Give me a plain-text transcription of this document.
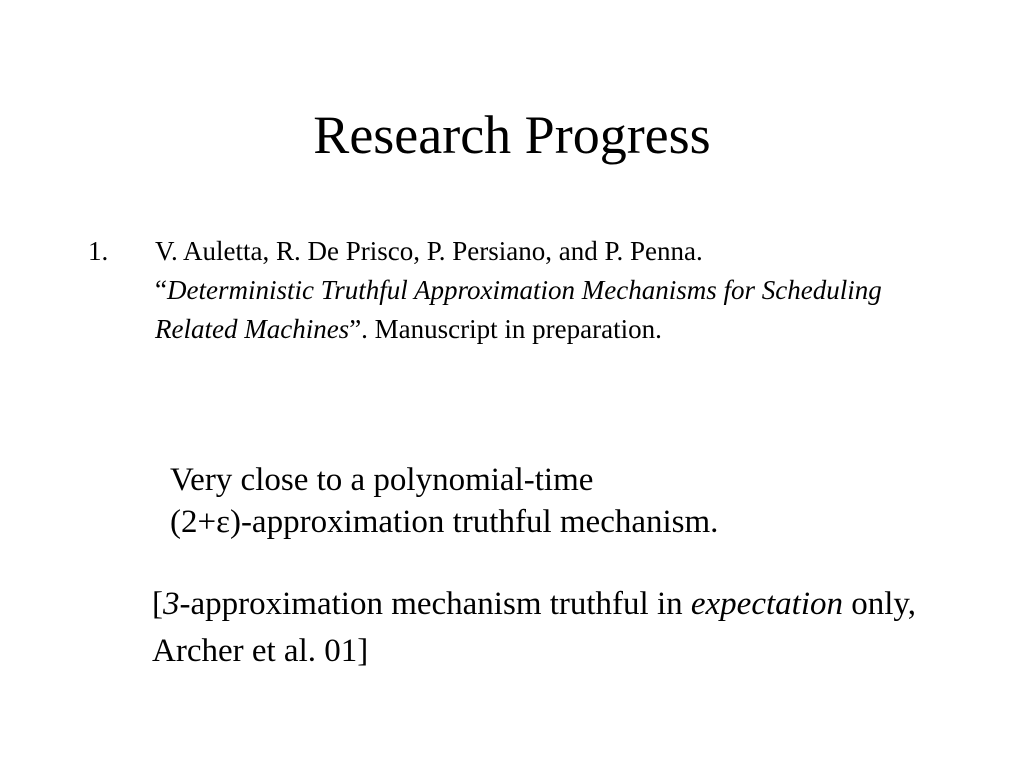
Research Progress
1. V. Auletta, R. De Prisco, P. Persiano, and P. Penna.
“Deterministic Truthful Approximation Mechanisms for Scheduling Related Machines”. Manuscript in preparation.
Very close to a polynomial-time
(2+ε)-approximation truthful mechanism.
[3-approximation mechanism truthful in expectation only, Archer et al. 01]
